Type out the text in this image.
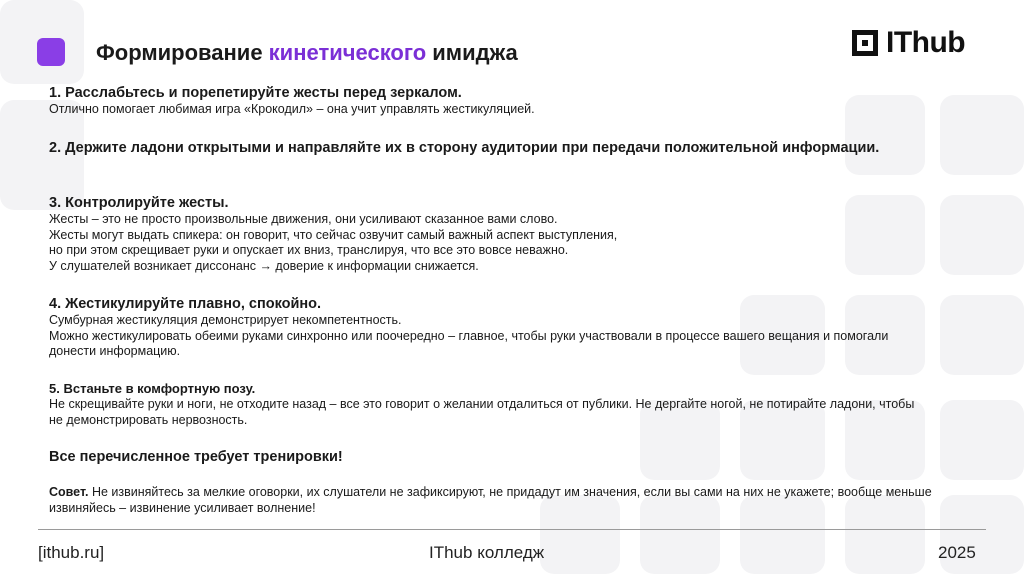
Формирование кинетического имиджа	IThub
1. Расслабьтесь и порепетируйте жесты перед зеркалом.
Отлично помогает любимая игра «Крокодил» – она учит управлять жестикуляцией.
2. Держите ладони открытыми и направляйте их в сторону аудитории при передачи положительной информации.
3. Контролируйте жесты.
Жесты – это не просто произвольные движения, они усиливают сказанное вами слово.
Жесты могут выдать спикера: он говорит, что сейчас озвучит самый важный аспект выступления,
но при этом скрещивает руки и опускает их вниз, транслируя, что все это вовсе неважно.
У слушателей возникает диссонанс → доверие к информации снижается.
4. Жестикулируйте плавно, спокойно.
Сумбурная жестикуляция демонстрирует некомпетентность.
Можно жестикулировать обеими руками синхронно или поочередно – главное, чтобы руки участвовали в процессе вашего вещания и помогали донести информацию.
5. Встаньте в комфортную позу.
Не скрещивайте руки и ноги, не отходите назад – все это говорит о желании отдалиться от публики. Не дергайте ногой, не потирайте ладони, чтобы не демонстрировать нервозность.
Все перечисленное требует тренировки!
Совет. Не извиняйтесь за мелкие оговорки, их слушатели не зафиксируют, не придадут им значения, если вы сами на них не укажете; вообще меньше извиняйесь – извинение усиливает волнение!
[ithub.ru]	IThub колледж	2025
